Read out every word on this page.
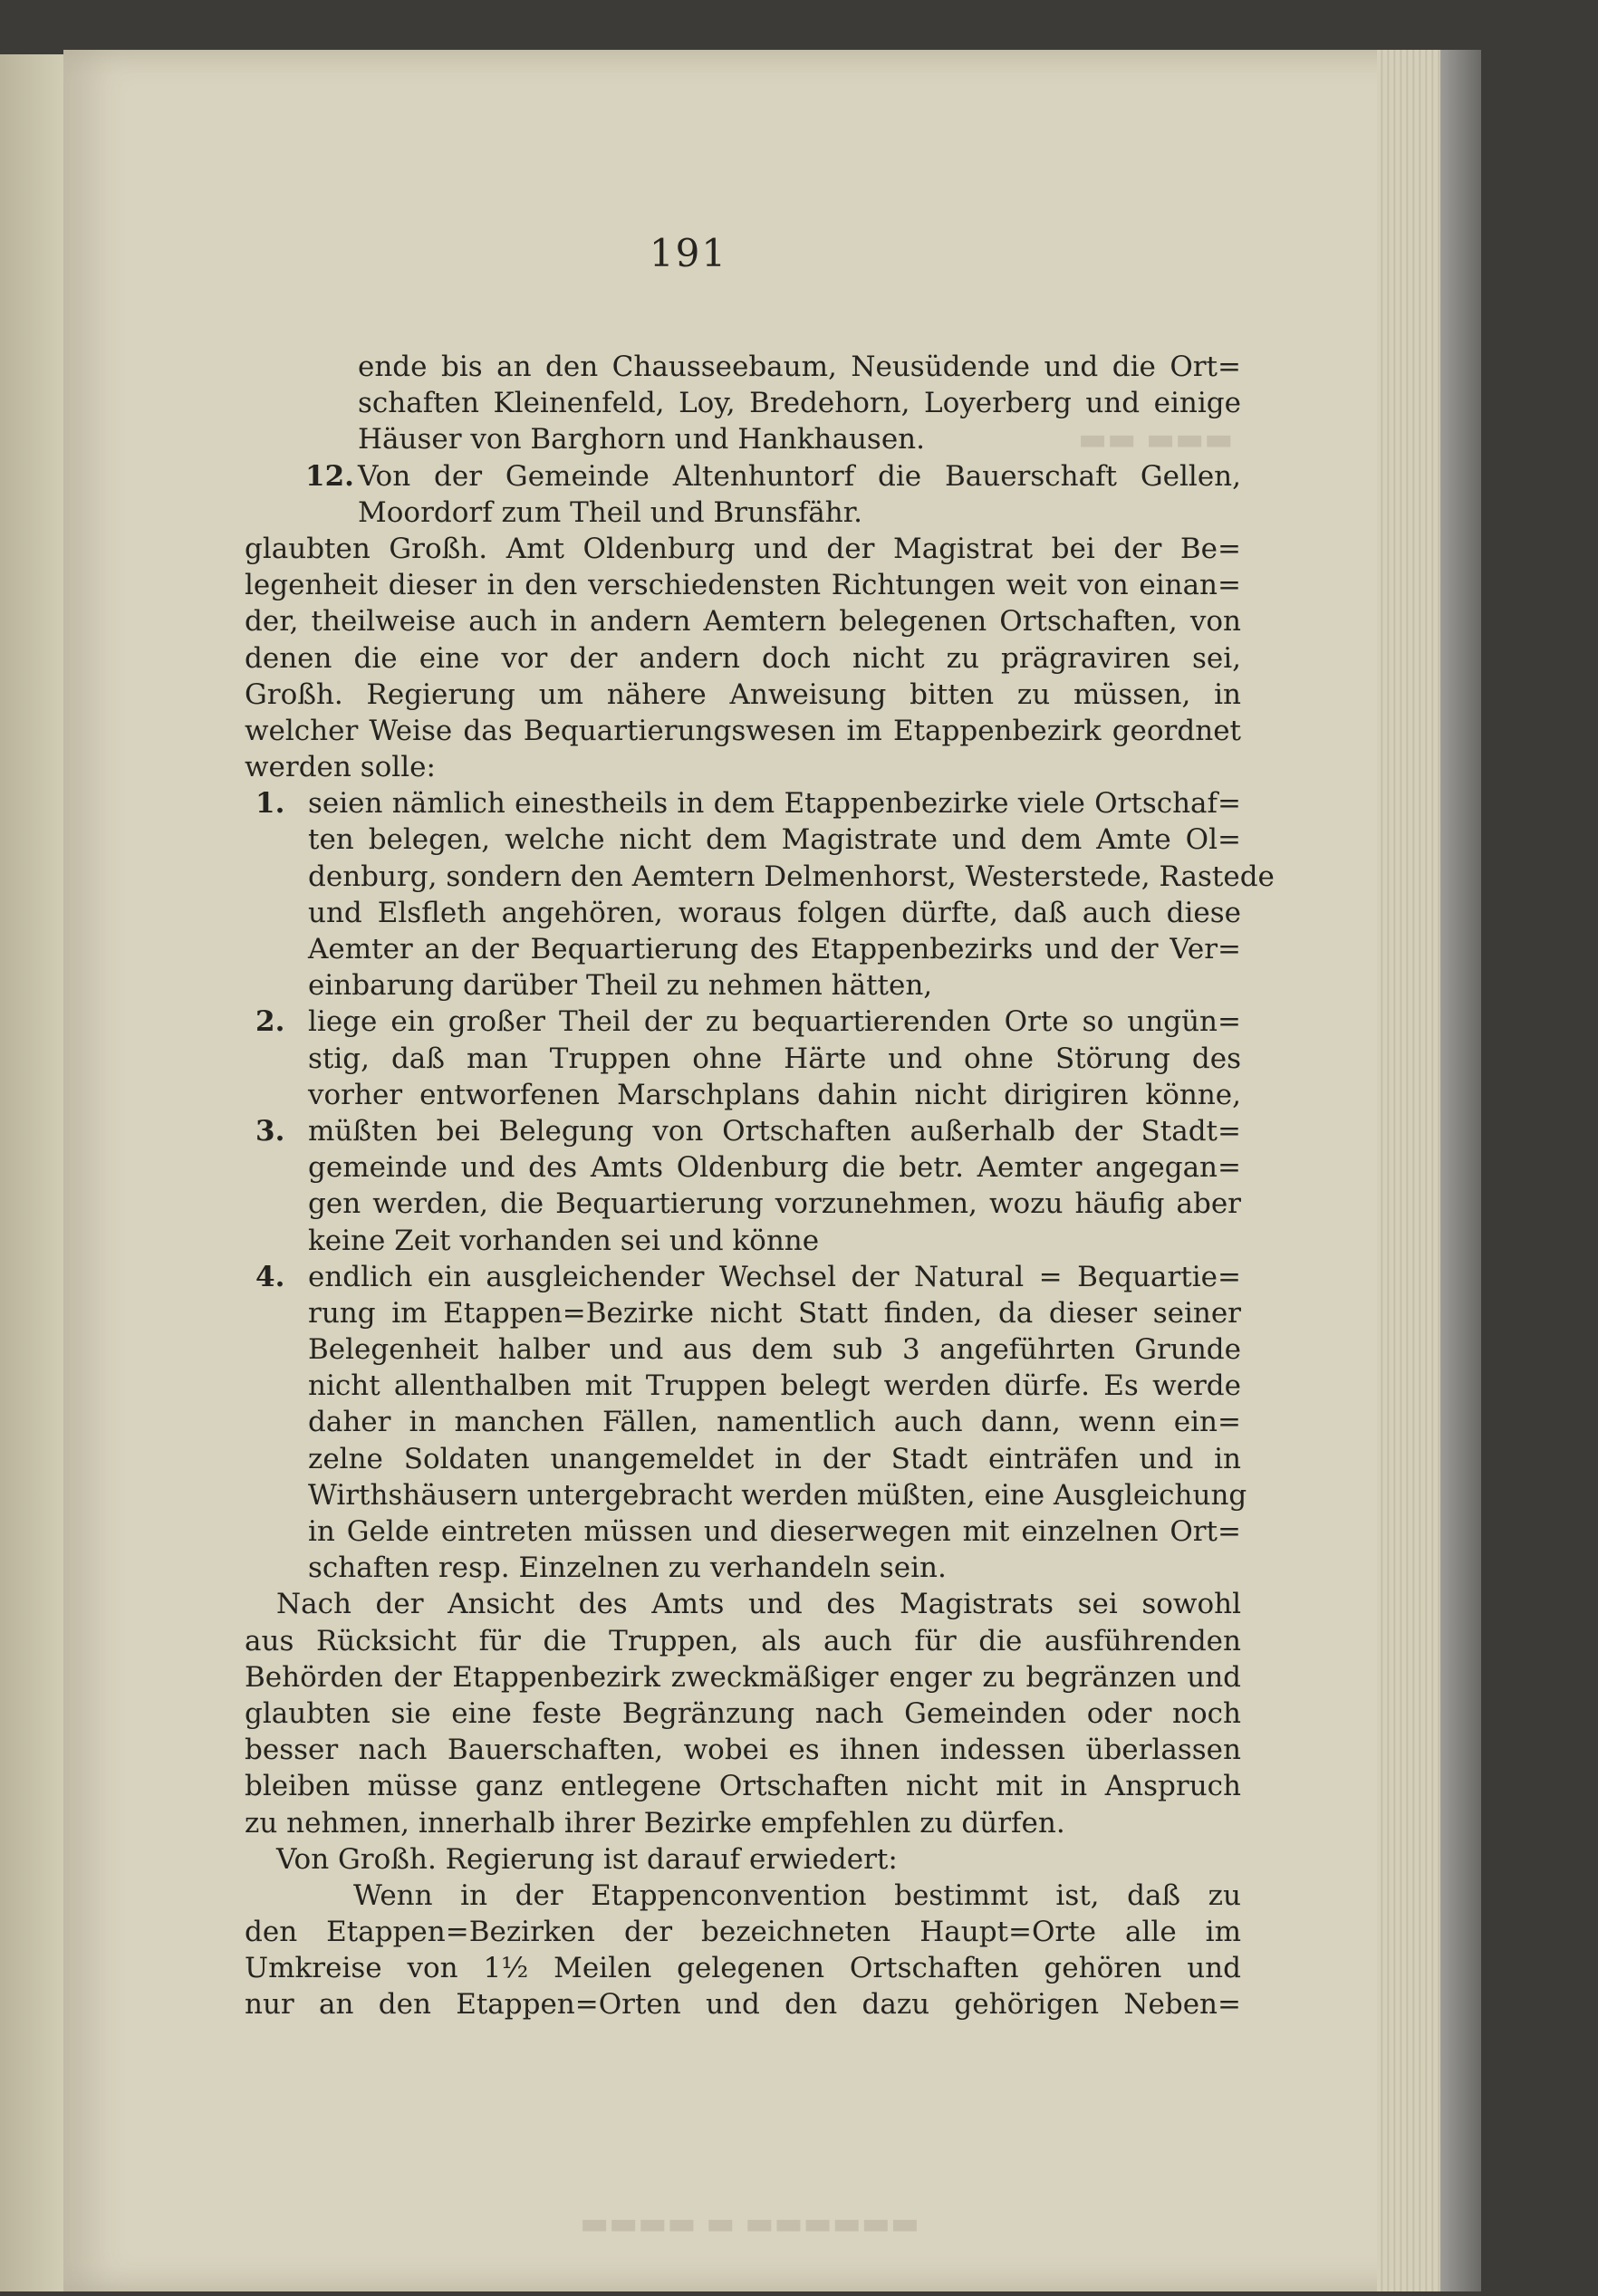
▬▬▬▬ ▬ ▬▬▬▬▬▬
▬▬ ▬▬▬
191
ende bis an den Chausseebaum, Neusüdende und die Ort=
schaften Kleinenfeld, Loy, Bredehorn, Loyerberg und einige
Häuser von Barghorn und Hankhausen.
12. Von der Gemeinde Altenhuntorf die Bauerschaft Gellen,
Moordorf zum Theil und Brunsfähr.
glaubten Großh. Amt Oldenburg und der Magistrat bei der Be=
legenheit dieser in den verschiedensten Richtungen weit von einan=
der, theilweise auch in andern Aemtern belegenen Ortschaften, von
denen die eine vor der andern doch nicht zu prägraviren sei,
Großh. Regierung um nähere Anweisung bitten zu müssen, in
welcher Weise das Bequartierungswesen im Etappenbezirk geordnet
werden solle:
1. seien nämlich einestheils in dem Etappenbezirke viele Ortschaf=
ten belegen, welche nicht dem Magistrate und dem Amte Ol=
denburg, sondern den Aemtern Delmenhorst, Westerstede, Rastede
und Elsfleth angehören, woraus folgen dürfte, daß auch diese
Aemter an der Bequartierung des Etappenbezirks und der Ver=
einbarung darüber Theil zu nehmen hätten,
2. liege ein großer Theil der zu bequartierenden Orte so ungün=
stig, daß man Truppen ohne Härte und ohne Störung des
vorher entworfenen Marschplans dahin nicht dirigiren könne,
3. müßten bei Belegung von Ortschaften außerhalb der Stadt=
gemeinde und des Amts Oldenburg die betr. Aemter angegan=
gen werden, die Bequartierung vorzunehmen, wozu häufig aber
keine Zeit vorhanden sei und könne
4. endlich ein ausgleichender Wechsel der Natural = Bequartie=
rung im Etappen=Bezirke nicht Statt finden, da dieser seiner
Belegenheit halber und aus dem sub 3 angeführten Grunde
nicht allenthalben mit Truppen belegt werden dürfe. Es werde
daher in manchen Fällen, namentlich auch dann, wenn ein=
zelne Soldaten unangemeldet in der Stadt einträfen und in
Wirthshäusern untergebracht werden müßten, eine Ausgleichung
in Gelde eintreten müssen und dieserwegen mit einzelnen Ort=
schaften resp. Einzelnen zu verhandeln sein.
Nach der Ansicht des Amts und des Magistrats sei sowohl
aus Rücksicht für die Truppen, als auch für die ausführenden
Behörden der Etappenbezirk zweckmäßiger enger zu begränzen und
glaubten sie eine feste Begränzung nach Gemeinden oder noch
besser nach Bauerschaften, wobei es ihnen indessen überlassen
bleiben müsse ganz entlegene Ortschaften nicht mit in Anspruch
zu nehmen, innerhalb ihrer Bezirke empfehlen zu dürfen.
Von Großh. Regierung ist darauf erwiedert:
Wenn in der Etappenconvention bestimmt ist, daß zu
den Etappen=Bezirken der bezeichneten Haupt=Orte alle im
Umkreise von 1½ Meilen gelegenen Ortschaften gehören und
nur an den Etappen=Orten und den dazu gehörigen Neben=
